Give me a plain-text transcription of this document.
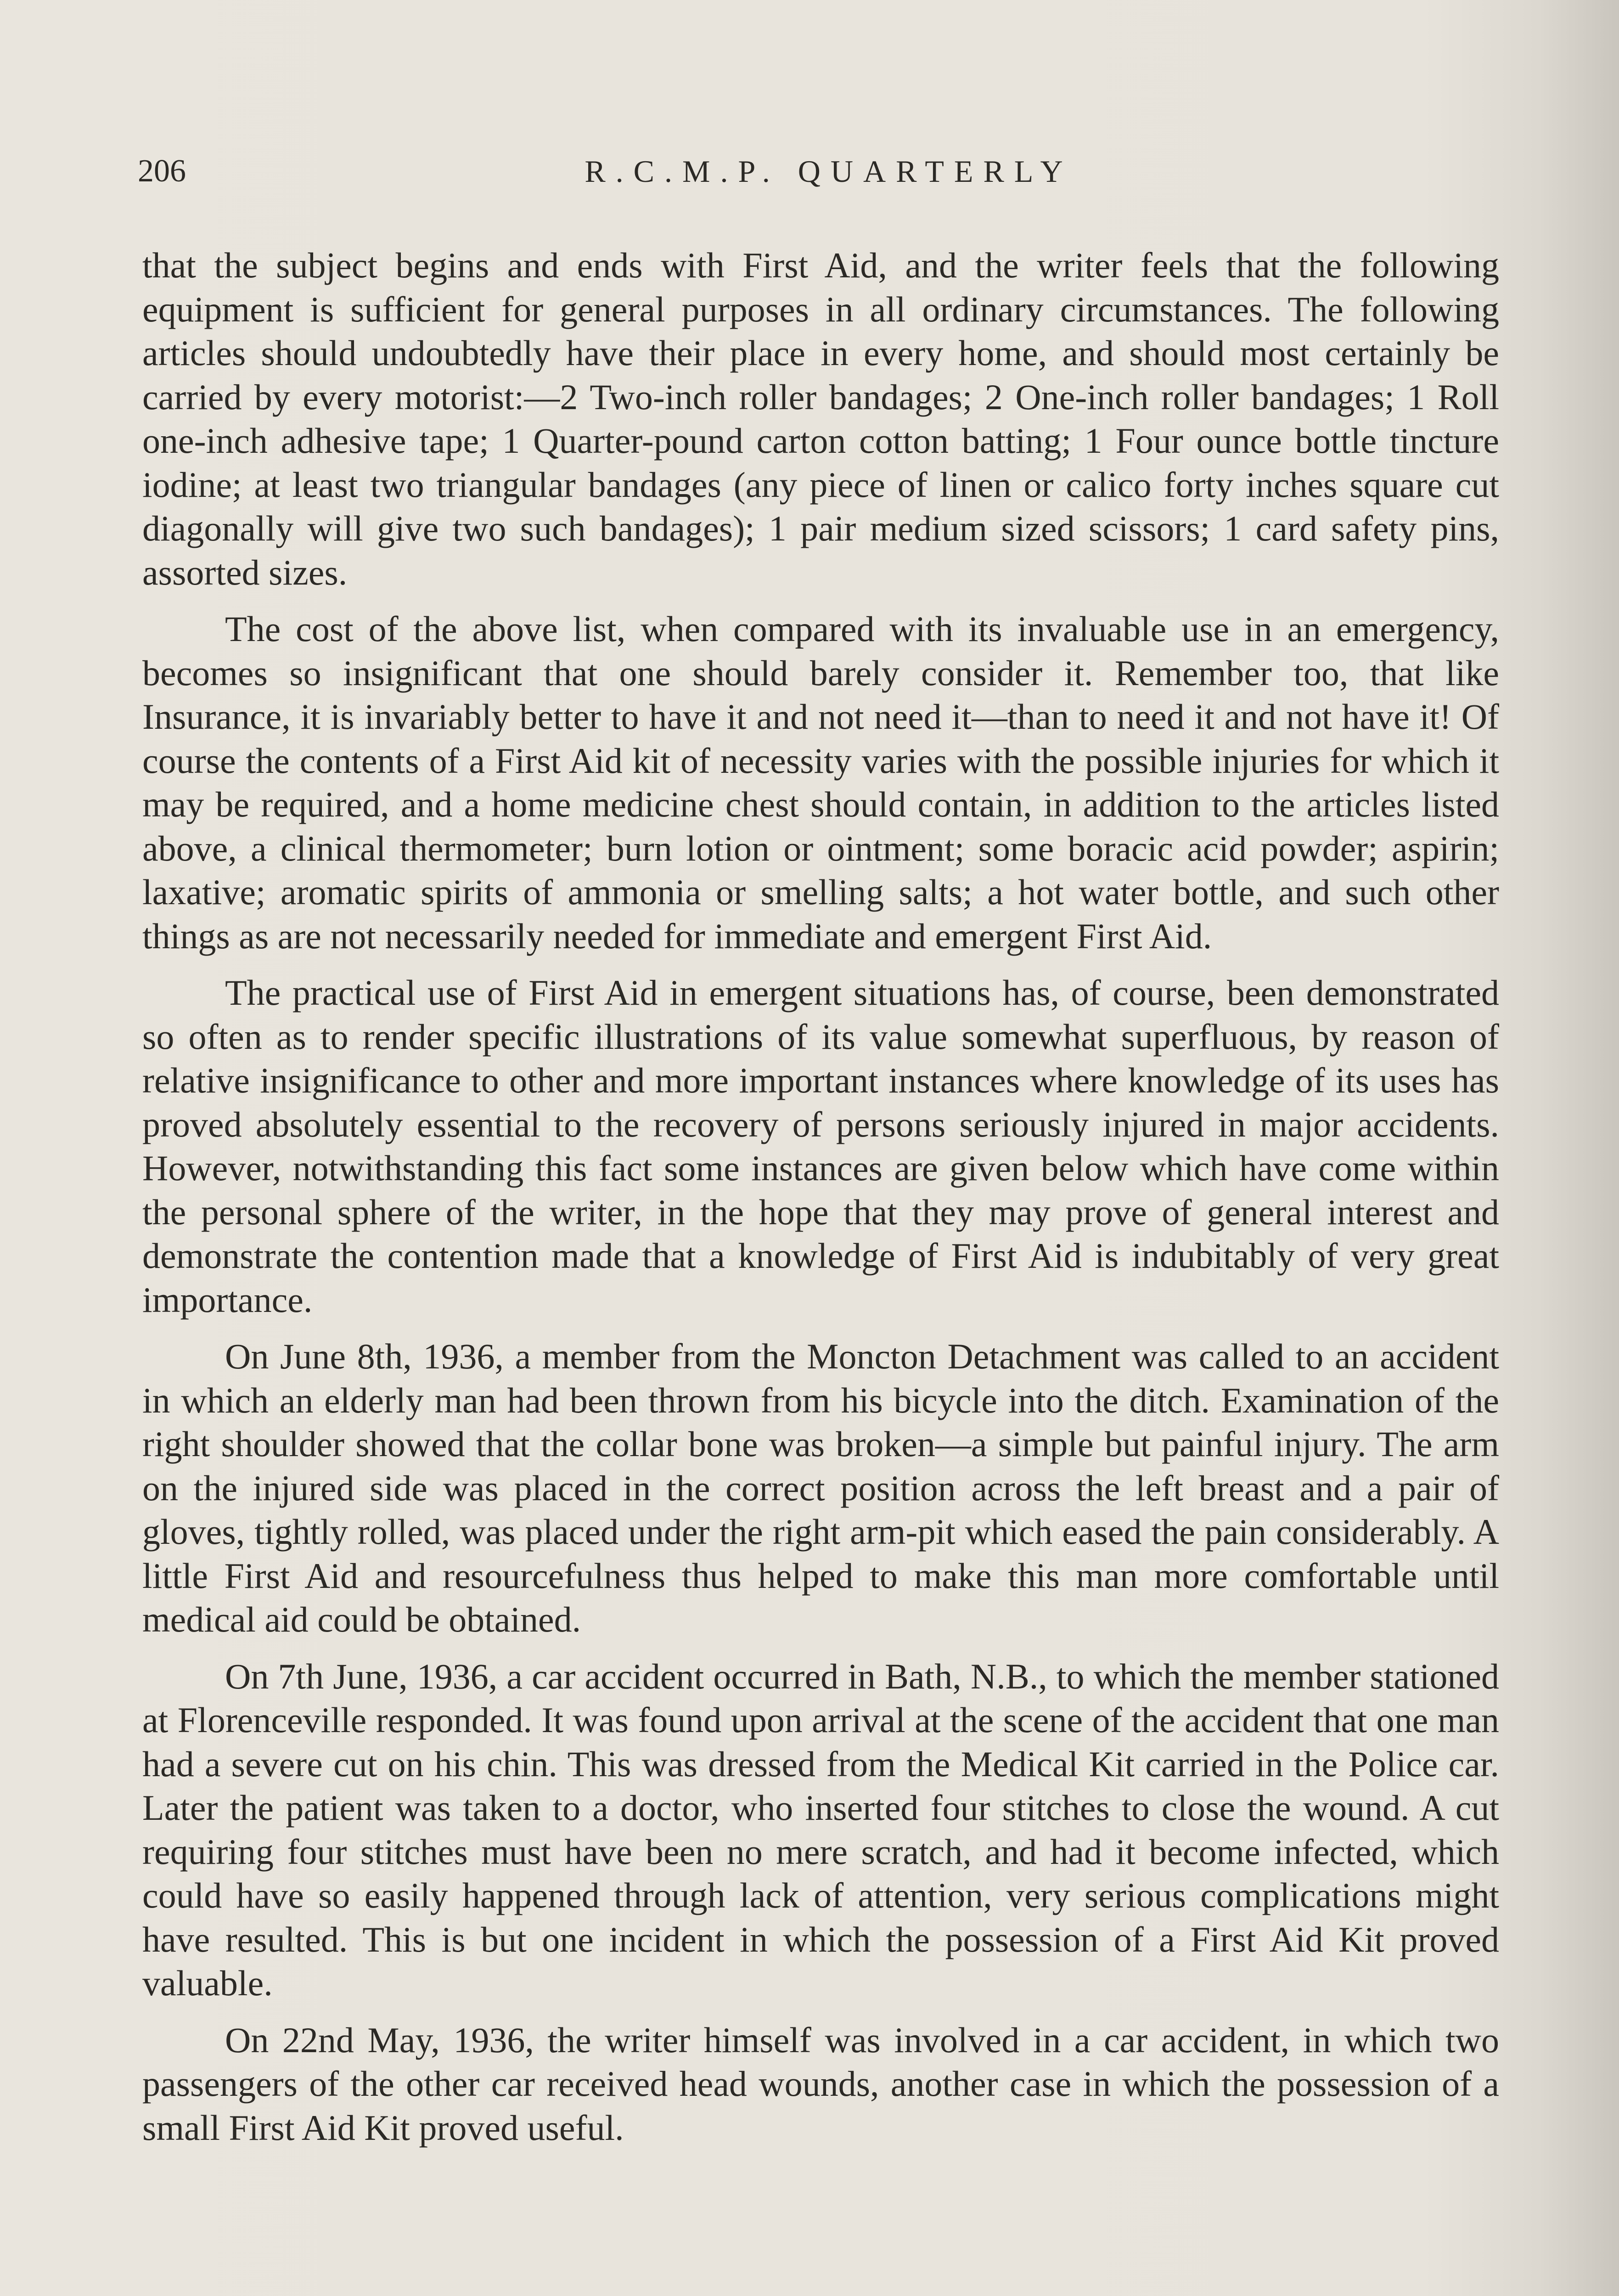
206	R.C.M.P. QUARTERLY

that the subject begins and ends with First Aid, and the writer feels that the following equipment is sufficient for general purposes in all ordinary circumstances. The following articles should undoubtedly have their place in every home, and should most certainly be carried by every motorist:—2 Two-inch roller bandages; 2 One-inch roller bandages; 1 Roll one-inch adhesive tape; 1 Quarter-pound carton cotton batting; 1 Four ounce bottle tincture iodine; at least two triangular bandages (any piece of linen or calico forty inches square cut diagonally will give two such bandages); 1 pair medium sized scissors; 1 card safety pins, assorted sizes.

The cost of the above list, when compared with its invaluable use in an emergency, becomes so insignificant that one should barely consider it. Remember too, that like Insurance, it is invariably better to have it and not need it—than to need it and not have it! Of course the contents of a First Aid kit of necessity varies with the possible injuries for which it may be required, and a home medicine chest should contain, in addition to the articles listed above, a clinical thermometer; burn lotion or ointment; some boracic acid powder; aspirin; laxative; aromatic spirits of ammonia or smelling salts; a hot water bottle, and such other things as are not necessarily needed for immediate and emergent First Aid.

The practical use of First Aid in emergent situations has, of course, been demonstrated so often as to render specific illustrations of its value somewhat superfluous, by reason of relative insignificance to other and more important instances where knowledge of its uses has proved absolutely essential to the recovery of persons seriously injured in major accidents. However, notwithstanding this fact some instances are given below which have come within the personal sphere of the writer, in the hope that they may prove of general interest and demonstrate the contention made that a knowledge of First Aid is indubitably of very great importance.

On June 8th, 1936, a member from the Moncton Detachment was called to an accident in which an elderly man had been thrown from his bicycle into the ditch. Examination of the right shoulder showed that the collar bone was broken—a simple but painful injury. The arm on the injured side was placed in the correct position across the left breast and a pair of gloves, tightly rolled, was placed under the right arm-pit which eased the pain considerably. A little First Aid and resourcefulness thus helped to make this man more comfortable until medical aid could be obtained.

On 7th June, 1936, a car accident occurred in Bath, N.B., to which the member stationed at Florenceville responded. It was found upon arrival at the scene of the accident that one man had a severe cut on his chin. This was dressed from the Medical Kit carried in the Police car. Later the patient was taken to a doctor, who inserted four stitches to close the wound. A cut requiring four stitches must have been no mere scratch, and had it become infected, which could have so easily happened through lack of attention, very serious complications might have resulted. This is but one incident in which the possession of a First Aid Kit proved valuable.

On 22nd May, 1936, the writer himself was involved in a car accident, in which two passengers of the other car received head wounds, another case in which the possession of a small First Aid Kit proved useful.
